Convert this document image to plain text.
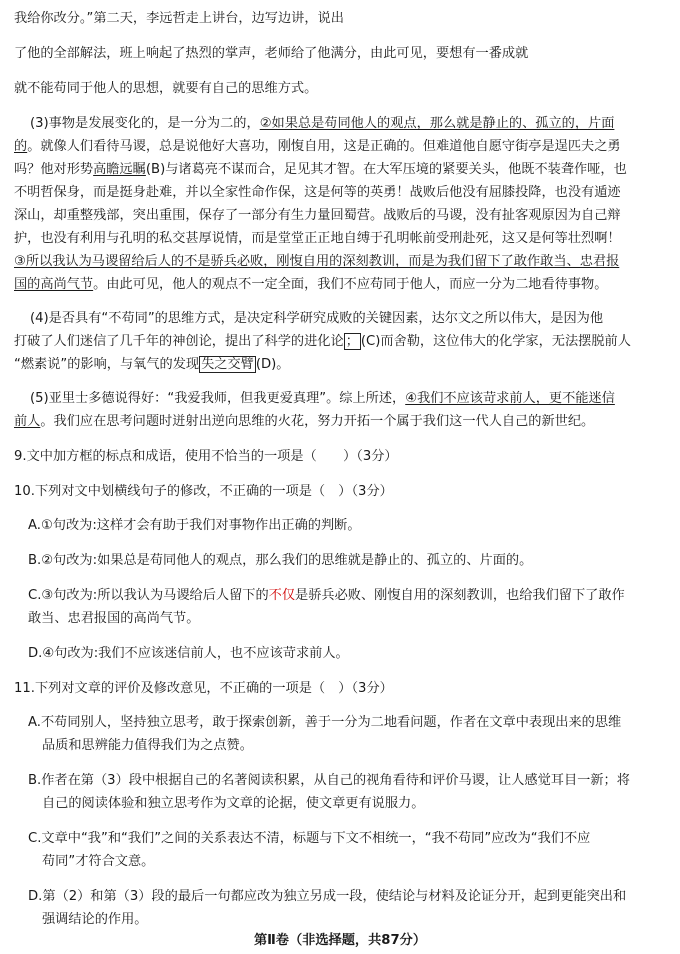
我给你改分。”第二天，李远哲走上讲台，边写边讲，说出
了他的全部解法，班上响起了热烈的掌声，老师给了他满分，由此可见，要想有一番成就
就不能苟同于他人的思想，就要有自己的思维方式。
(3)事物是发展变化的，是一分为二的，②如果总是苟同他人的观点，那么就是静止的、孤立的，片面
的。就像人们看待马谡，总是说他好大喜功，刚愎自用，这是正确的。但难道他自愿守街亭是逞匹夫之勇
吗？他对形势高瞻远瞩(B)与诸葛亮不谋而合，足见其才智。在大军压境的紧要关头，他既不装聋作哑，也
不明哲保身，而是挺身赴难，并以全家性命作保，这是何等的英勇！战败后他没有屈膝投降，也没有遁迹
深山，却重整残部，突出重围，保存了一部分有生力量回蜀营。战败后的马谡，没有扯客观原因为自己辩
护，也没有利用与孔明的私交甚厚说情，而是堂堂正正地自缚于孔明帐前受刑赴死，这又是何等壮烈啊！
③所以我认为马谡留给后人的不是骄兵必败，刚愎自用的深刻教训，而是为我们留下了敢作敢当、忠君报
国的高尚气节。由此可见，他人的观点不一定全面，我们不应苟同于他人，而应一分为二地看待事物。
(4)是否具有“不苟同”的思维方式，是决定科学研究成败的关键因素，达尔文之所以伟大，是因为他
打破了人们迷信了几千年的神创论，提出了科学的进化论 ； (C)而舍勒，这位伟大的化学家，无法摆脱前人
“燃素说”的影响，与氧气的发现 失之交臂 (D)。
(5)亚里士多德说得好：“我爱我师，但我更爱真理”。综上所述，④我们不应该苛求前人，更不能迷信
前人。我们应在思考问题时迸射出逆向思维的火花，努力开拓一个属于我们这一代人自己的新世纪。
9.文中加方框的标点和成语，使用不恰当的一项是（　　）（3分）
10.下列对文中划横线句子的修改，不正确的一项是（　）（3分）
A.①句改为:这样才会有助于我们对事物作出正确的判断。
B.②句改为:如果总是苟同他人的观点，那么我们的思维就是静止的、孤立的、片面的。
C.③句改为:所以我认为马谡给后人留下的不仅是骄兵必败、刚愎自用的深刻教训，也给我们留下了敢作
敢当、忠君报国的高尚气节。
D.④句改为:我们不应该迷信前人，也不应该苛求前人。
11.下列对文章的评价及修改意见，不正确的一项是（　）（3分）
A.不苟同别人，坚持独立思考，敢于探索创新，善于一分为二地看问题，作者在文章中表现出来的思维
品质和思辨能力值得我们为之点赞。
B.作者在第（3）段中根据自己的名著阅读积累，从自己的视角看待和评价马谡，让人感觉耳目一新；将
自己的阅读体验和独立思考作为文章的论据，使文章更有说服力。
C.文章中“我”和“我们”之间的关系表达不清，标题与下文不相统一，“我不苟同”应改为“我们不应
苟同”才符合文意。
D.第（2）和第（3）段的最后一句都应改为独立另成一段，使结论与材料及论证分开，起到更能突出和
强调结论的作用。
第Ⅱ卷（非选择题，共87分）
